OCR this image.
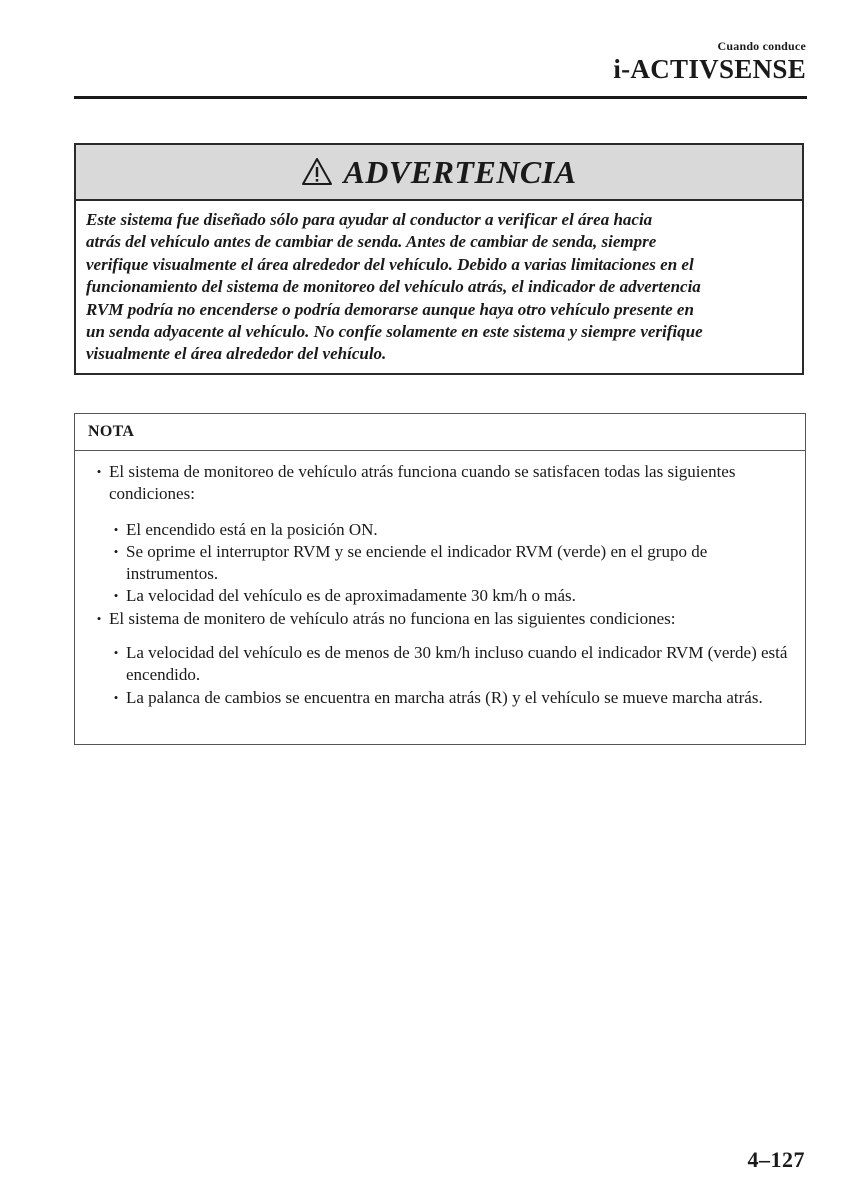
Cuando conduce
i-ACTIVSENSE
ADVERTENCIA
Este sistema fue diseñado sólo para ayudar al conductor a verificar el área hacia
atrás del vehículo antes de cambiar de senda. Antes de cambiar de senda, siempre
verifique visualmente el área alrededor del vehículo. Debido a varias limitaciones en el
funcionamiento del sistema de monitoreo del vehículo atrás, el indicador de advertencia
RVM podría no encenderse o podría demorarse aunque haya otro vehículo presente en
un senda adyacente al vehículo. No confíe solamente en este sistema y siempre verifique
visualmente el área alrededor del vehículo.
NOTA
• El sistema de monitoreo de vehículo atrás funciona cuando se satisfacen todas las siguientes condiciones:
• El encendido está en la posición ON.
• Se oprime el interruptor RVM y se enciende el indicador RVM (verde) en el grupo de instrumentos.
• La velocidad del vehículo es de aproximadamente 30 km/h o más.
• El sistema de monitero de vehículo atrás no funciona en las siguientes condiciones:
• La velocidad del vehículo es de menos de 30 km/h incluso cuando el indicador RVM (verde) está encendido.
• La palanca de cambios se encuentra en marcha atrás (R) y el vehículo se mueve marcha atrás.
4–127
